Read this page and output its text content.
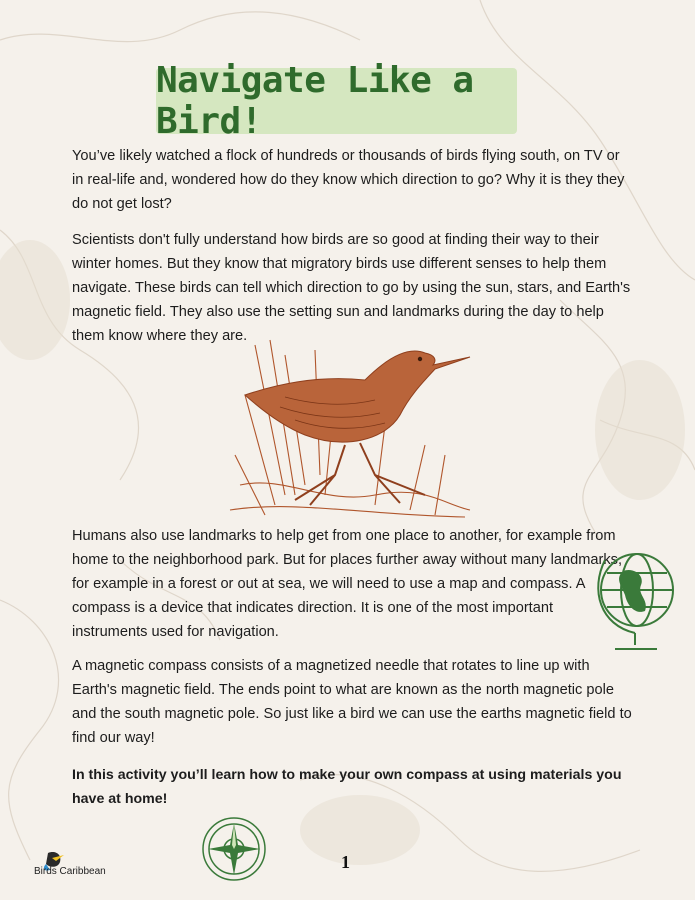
Navigate Like a Bird!

You’ve likely watched a flock of hundreds or thousands of birds flying south, on TV or in real-life and, wondered how do they know which direction to go? Why it is they they do not get lost?

Scientists don't fully understand how birds are so good at finding their way to their winter homes. But they know that migratory birds use different senses to help them navigate. These birds can tell which direction to go by using the sun, stars, and Earth's magnetic field. They also use the setting sun and landmarks during the day to help them know where they are.

Humans also use landmarks to help get from one place to another, for example from home to the neighborhood park. But for places further away without many landmarks, for example in a forest or out at sea, we will need to use a map and compass. A compass is a device that indicates direction. It is one of the most important instruments used for navigation.

A magnetic compass consists of a magnetized needle that rotates to line up with Earth's magnetic field. The ends point to what are known as the north magnetic pole and the south magnetic pole. So just like a bird we can use the earths magnetic field to find our way!

In this activity you’ll learn how to make your own compass at using materials you have at home!

Birds Caribbean	1
